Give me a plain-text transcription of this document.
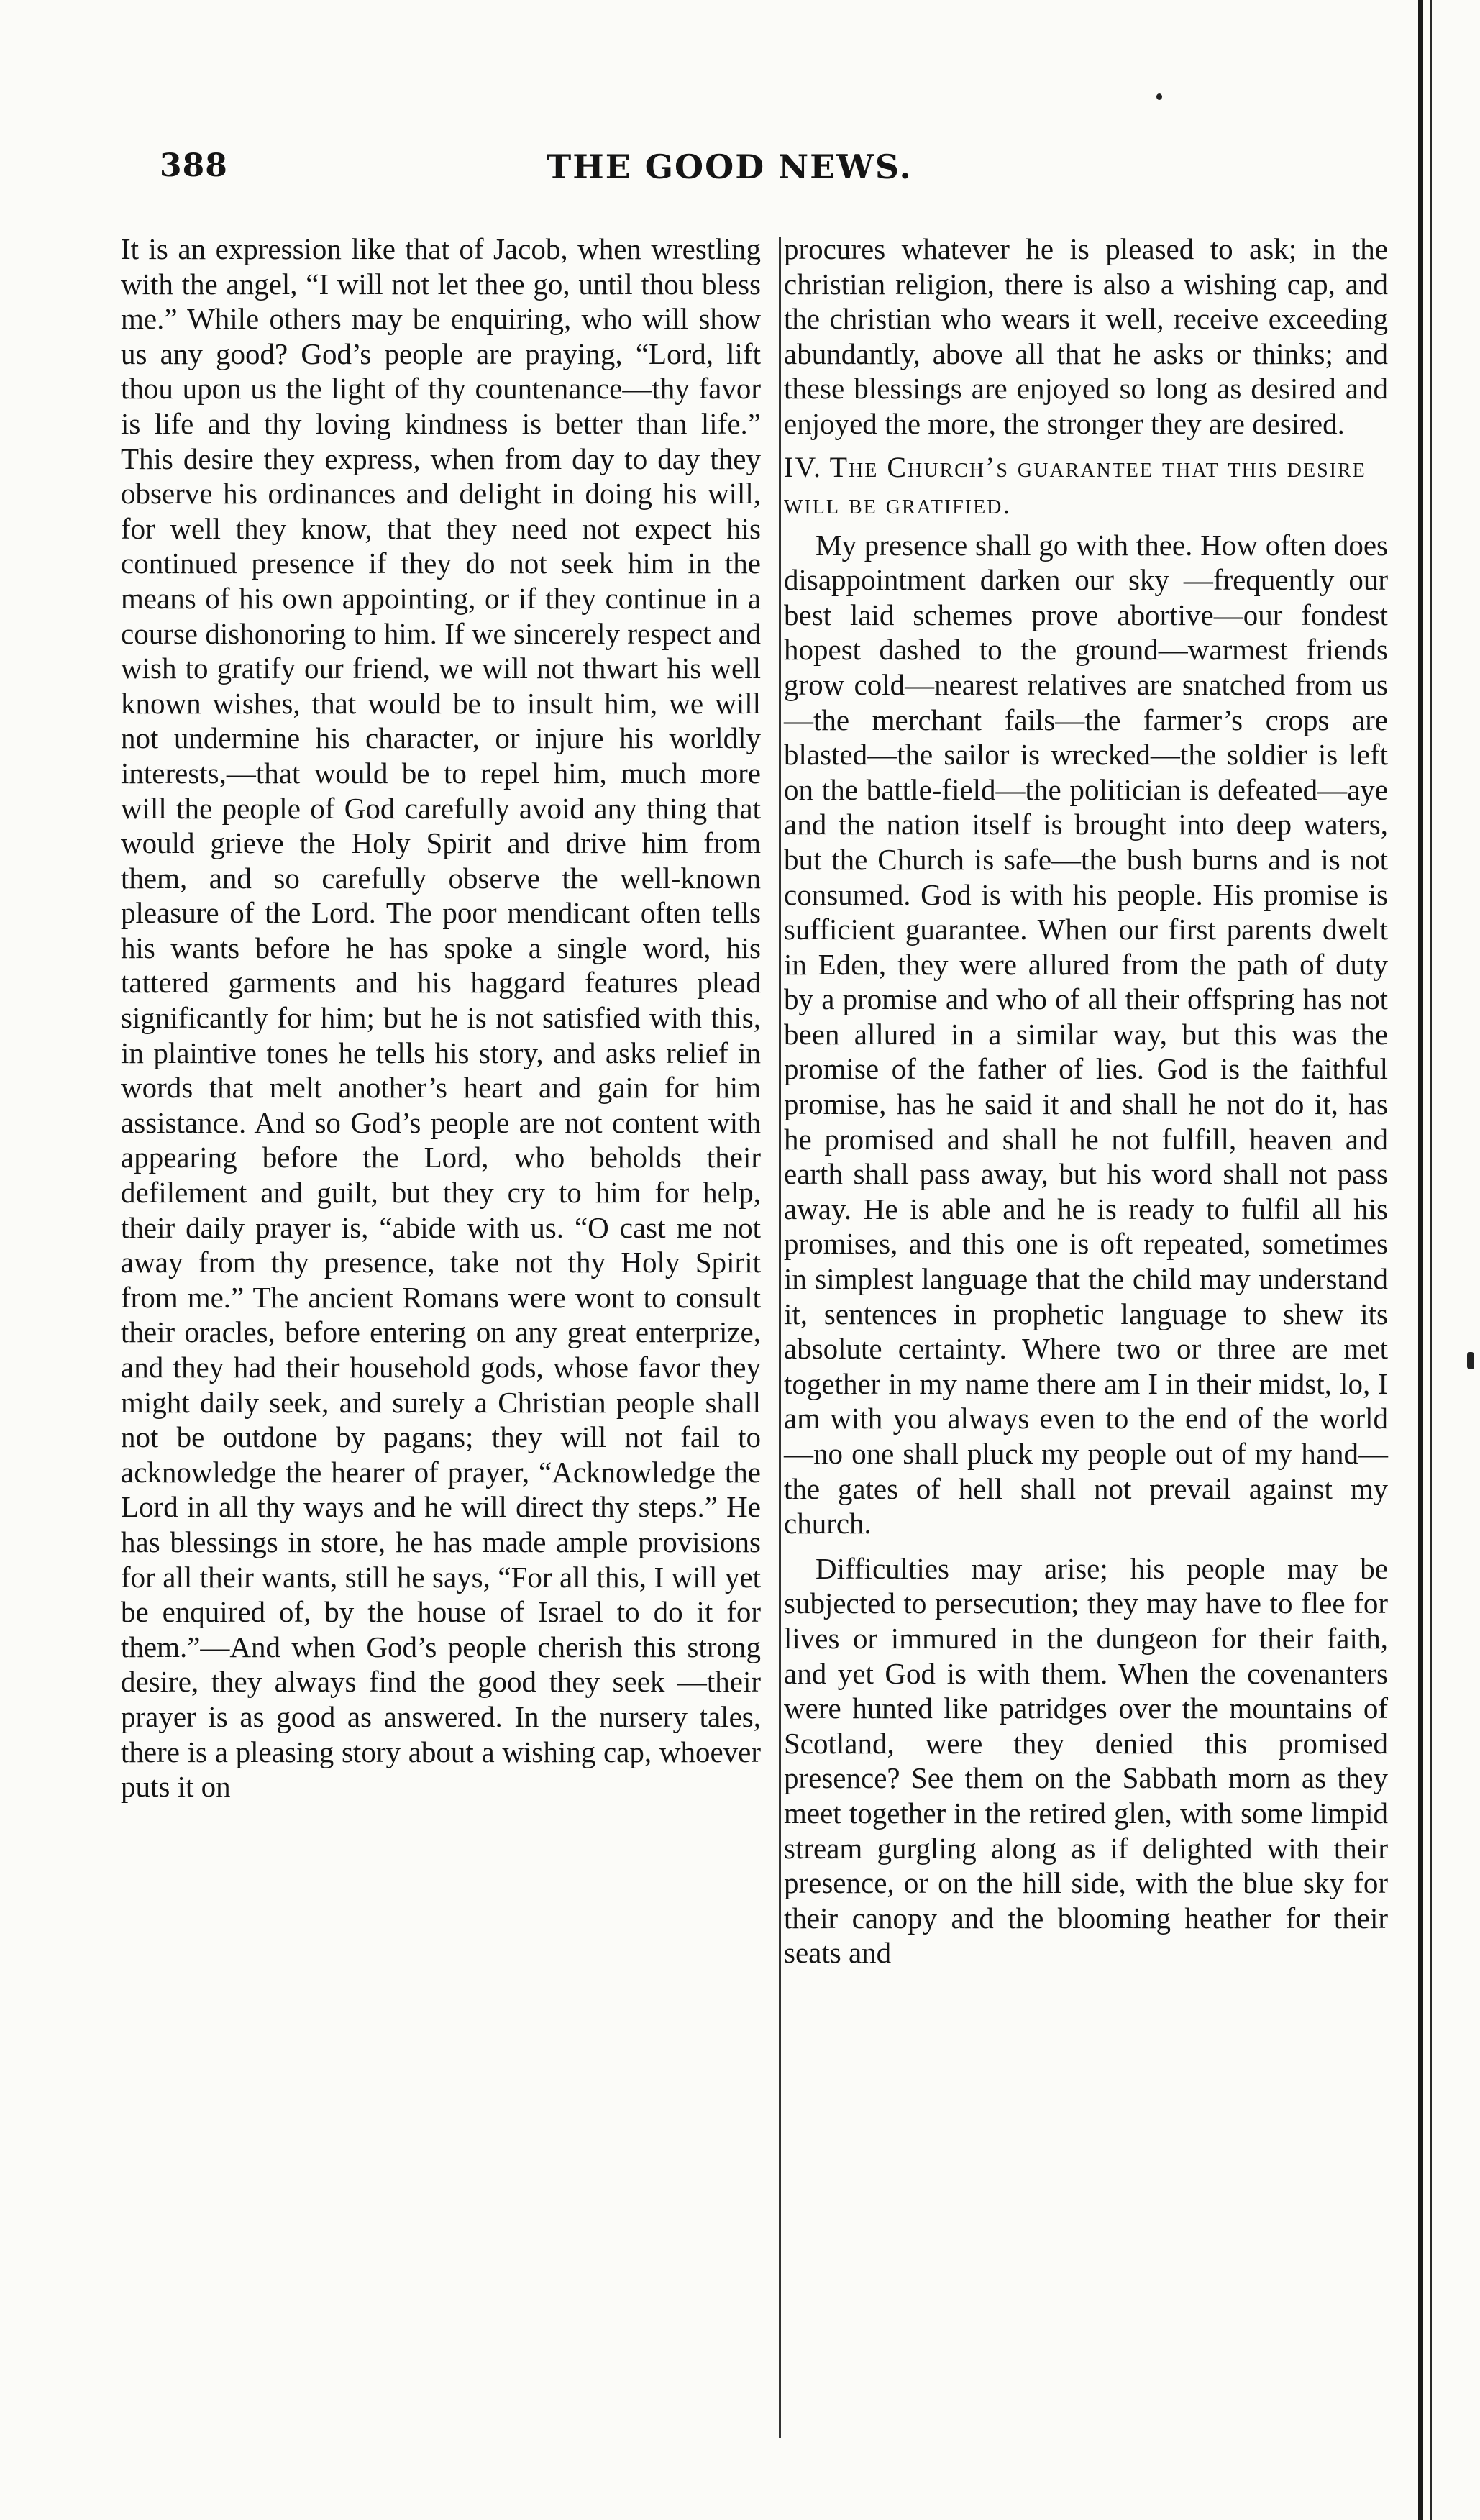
388	THE GOOD NEWS.

It is an expression like that of Jacob, when wrestling with the angel, “I will not let thee go, until thou bless me.” While others may be enquiring, who will show us any good? God’s people are praying, “Lord, lift thou upon us the light of thy countenance—thy favor is life and thy loving kindness is better than life.” This desire they express, when from day to day they observe his ordinances and delight in doing his will, for well they know, that they need not expect his continued presence if they do not seek him in the means of his own appointing, or if they continue in a course dishonoring to him. If we sincerely respect and wish to gratify our friend, we will not thwart his well known wishes, that would be to insult him, we will not undermine his character, or injure his worldly interests,—that would be to repel him, much more will the people of God carefully avoid any thing that would grieve the Holy Spirit and drive him from them, and so carefully observe the well-known pleasure of the Lord. The poor mendicant often tells his wants before he has spoke a single word, his tattered garments and his haggard features plead significantly for him; but he is not satisfied with this, in plaintive tones he tells his story, and asks relief in words that melt another’s heart and gain for him assistance. And so God’s people are not content with appearing before the Lord, who beholds their defilement and guilt, but they cry to him for help, their daily prayer is, “abide with us. “O cast me not away from thy presence, take not thy Holy Spirit from me.” The ancient Romans were wont to consult their oracles, before entering on any great enterprize, and they had their household gods, whose favor they might daily seek, and surely a Christian people shall not be outdone by pagans; they will not fail to acknowledge the hearer of prayer, “Acknowledge the Lord in all thy ways and he will direct thy steps.” He has blessings in store, he has made ample provisions for all their wants, still he says, “For all this, I will yet be enquired of, by the house of Israel to do it for them.”—And when God’s people cherish this strong desire, they always find the good they seek —their prayer is as good as answered. In the nursery tales, there is a pleasing story about a wishing cap, whoever puts it on

procures whatever he is pleased to ask; in the christian religion, there is also a wishing cap, and the christian who wears it well, receive exceeding abundantly, above all that he asks or thinks; and these blessings are enjoyed so long as desired and enjoyed the more, the stronger they are desired.

IV. The Church’s guarantee that this desire will be gratified.

My presence shall go with thee. How often does disappointment darken our sky —frequently our best laid schemes prove abortive—our fondest hopest dashed to the ground—warmest friends grow cold—nearest relatives are snatched from us—the merchant fails—the farmer’s crops are blasted—the sailor is wrecked—the soldier is left on the battle-field—the politician is defeated—aye and the nation itself is brought into deep waters, but the Church is safe—the bush burns and is not consumed. God is with his people. His promise is sufficient guarantee. When our first parents dwelt in Eden, they were allured from the path of duty by a promise and who of all their offspring has not been allured in a similar way, but this was the promise of the father of lies. God is the faithful promise, has he said it and shall he not do it, has he promised and shall he not fulfill, heaven and earth shall pass away, but his word shall not pass away. He is able and he is ready to fulfil all his promises, and this one is oft repeated, sometimes in simplest language that the child may understand it, sentences in prophetic language to shew its absolute certainty. Where two or three are met together in my name there am I in their midst, lo, I am with you always even to the end of the world—no one shall pluck my people out of my hand—the gates of hell shall not prevail against my church.

Difficulties may arise; his people may be subjected to persecution; they may have to flee for lives or immured in the dungeon for their faith, and yet God is with them. When the covenanters were hunted like patridges over the mountains of Scotland, were they denied this promised presence? See them on the Sabbath morn as they meet together in the retired glen, with some limpid stream gurgling along as if delighted with their presence, or on the hill side, with the blue sky for their canopy and the blooming heather for their seats and
